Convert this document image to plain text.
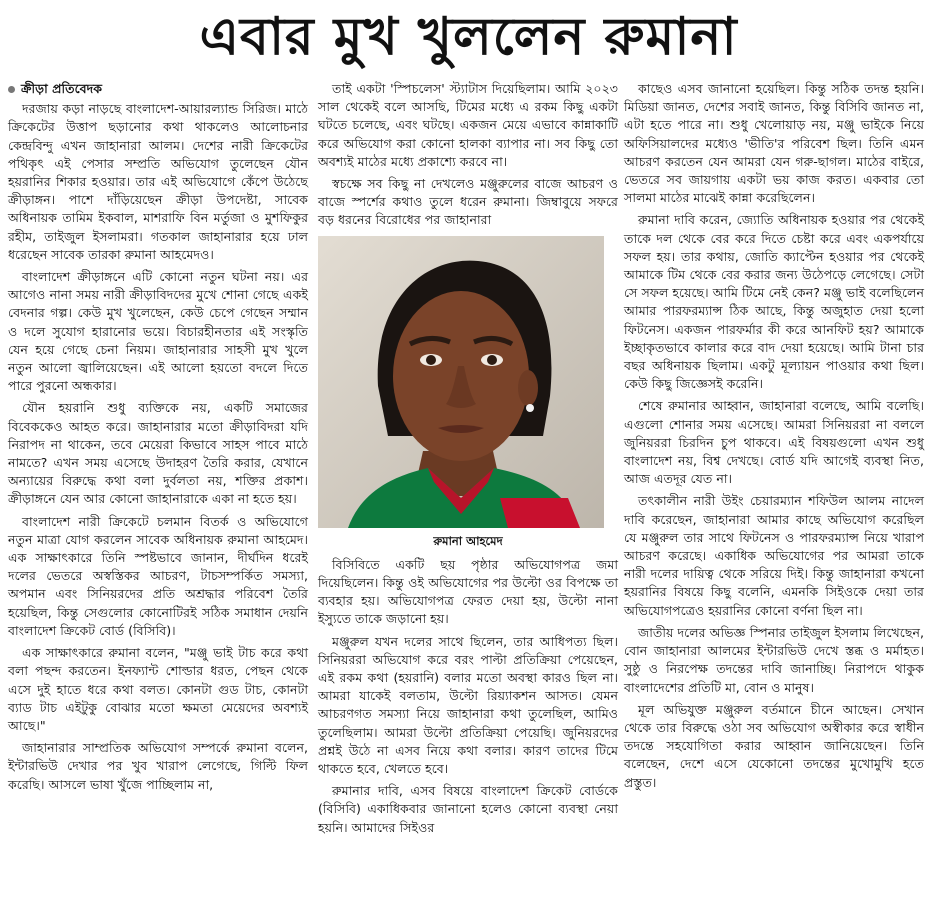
এবার মুখ খুললেন রুমানা
ক্রীড়া প্রতিবেদক

দরজায় কড়া নাড়ছে বাংলাদেশ-আয়ারল্যান্ড সিরিজ। মাঠে ক্রিকেটের উত্তাপ ছড়ানোর কথা থাকলেও আলোচনার কেন্দ্রবিন্দু এখন জাহানারা আলম। দেশের নারী ক্রিকেটের পথিকৃৎ এই পেসার সম্প্রতি অভিযোগ তুলেছেন যৌন হয়রানির শিকার হওয়ার। তার এই অভিযোগে কেঁপে উঠেছে ক্রীড়াঙ্গন। পাশে দাঁড়িয়েছেন ক্রীড়া উপদেষ্টা, সাবেক অধিনায়ক তামিম ইকবাল, মাশরাফি বিন মর্তুজা ও মুশফিকুর রহীম, তাইজুল ইসলামরা। গতকাল জাহানারার হয়ে ঢাল ধরেছেন সাবেক তারকা রুমানা আহমেদও।

বাংলাদেশ ক্রীড়াঙ্গনে এটি কোনো নতুন ঘটনা নয়। এর আগেও নানা সময় নারী ক্রীড়াবিদদের মুখে শোনা গেছে একই বেদনার গল্প। কেউ মুখ খুলেছেন, কেউ চেপে গেছেন সম্মান ও দলে সুযোগ হারানোর ভয়ে। বিচারহীনতার এই সংস্কৃতি যেন হয়ে গেছে চেনা নিয়ম। জাহানারার সাহসী মুখ খুলে নতুন আলো জ্বালিয়েছেন। এই আলো হয়তো বদলে দিতে পারে পুরনো অন্ধকার।

যৌন হয়রানি শুধু ব্যক্তিকে নয়, একটি সমাজের বিবেককেও আহত করে। জাহানারার মতো ক্রীড়াবিদরা যদি নিরাপদ না থাকেন, তবে মেয়েরা কিভাবে সাহস পাবে মাঠে নামতে? এখন সময় এসেছে উদাহরণ তৈরি করার, যেখানে অন্যায়ের বিরুদ্ধে কথা বলা দুর্বলতা নয়, শক্তির প্রকাশ। ক্রীড়াঙ্গনে যেন আর কোনো জাহানারাকে একা না হতে হয়।

বাংলাদেশ নারী ক্রিকেটে চলমান বিতর্ক ও অভিযোগে নতুন মাত্রা যোগ করলেন সাবেক অধিনায়ক রুমানা আহমেদ। এক সাক্ষাৎকারে তিনি স্পষ্টভাবে জানান, দীর্ঘদিন ধরেই দলের ভেতরে অস্বস্তিকর আচরণ, টাচসম্পর্কিত সমস্যা, অপমান এবং সিনিয়রদের প্রতি অশ্রদ্ধার পরিবেশ তৈরি হয়েছিল, কিন্তু সেগুলোর কোনোটিরই সঠিক সমাধান দেয়নি বাংলাদেশ ক্রিকেট বোর্ড (বিসিবি)।

এক সাক্ষাৎকারে রুমানা বলেন, "মঞ্জু ভাই টাচ করে কথা বলা পছন্দ করতেন। ইনফ্যান্ট শোল্ডার ধরত, পেছন থেকে এসে দুই হাতে ধরে কথা বলত। কোনটা গুড টাচ, কোনটা ব্যাড টাচ এইটুকু বোঝার মতো ক্ষমতা মেয়েদের অবশ্যই আছে।"

জাহানারার সাম্প্রতিক অভিযোগ সম্পর্কে রুমানা বলেন, ইন্টারভিউ দেখার পর খুব খারাপ লেগেছে, গিল্টি ফিল করেছি। আসলে ভাষা খুঁজে পাচ্ছিলাম না,

তাই একটা 'স্পিচলেস' স্ট্যাটাস দিয়েছিলাম। আমি ২০২৩ সাল থেকেই বলে আসছি, টিমের মধ্যে এ রকম কিছু একটা ঘটতে চলেছে, এবং ঘটছে। একজন মেয়ে এভাবে কান্নাকাটি করে অভিযোগ করা কোনো হালকা ব্যাপার না। সব কিছু তো অবশ্যই মাঠের মধ্যে প্রকাশ্যে করবে না।

স্বচক্ষে সব কিছু না দেখলেও মঞ্জুরুলের বাজে আচরণ ও বাজে স্পর্শের কথাও তুলে ধরেন রুমানা। জিম্বাবুয়ে সফরে বড় ধরনের বিরোধের পর জাহানারা

রুমানা আহমেদ

বিসিবিতে একটি ছয় পৃষ্ঠার অভিযোগপত্র জমা দিয়েছিলেন। কিন্তু ওই অভিযোগের পর উল্টো ওর বিপক্ষে তা ব্যবহার হয়। অভিযোগপত্র ফেরত দেয়া হয়, উল্টো নানা ইস্যুতে তাকে জড়ানো হয়।

মঞ্জুরুল যখন দলের সাথে ছিলেন, তার আধিপত্য ছিল। সিনিয়ররা অভিযোগ করে বরং পাল্টা প্রতিক্রিয়া পেয়েছেন, এই রকম কথা (হয়রানি) বলার মতো অবস্থা কারও ছিল না। আমরা যাকেই বলতাম, উল্টো রিয়্যাকশন আসত। যেমন আচরণগত সমস্যা নিয়ে জাহানারা কথা তুলেছিল, আমিও তুলেছিলাম। আমরা উল্টো প্রতিক্রিয়া পেয়েছি। জুনিয়রদের প্রশ্নই উঠে না এসব নিয়ে কথা বলার। কারণ তাদের টিমে থাকতে হবে, খেলতে হবে।

রুমানার দাবি, এসব বিষয়ে বাংলাদেশ ক্রিকেট বোর্ডকে (বিসিবি) একাধিকবার জানানো হলেও কোনো ব্যবস্থা নেয়া হয়নি। আমাদের সিইওর

কাছেও এসব জানানো হয়েছিল। কিন্তু সঠিক তদন্ত হয়নি। মিডিয়া জানত, দেশের সবাই জানত, কিন্তু বিসিবি জানত না, এটা হতে পারে না। শুধু খেলোয়াড় নয়, মঞ্জু ভাইকে নিয়ে অফিসিয়ালদের মধ্যেও 'ভীতি'র পরিবেশ ছিল। তিনি এমন আচরণ করতেন যেন আমরা যেন গরু-ছাগল। মাঠের বাইরে, ভেতরে সব জায়গায় একটা ভয় কাজ করত। একবার তো সালমা মাঠের মাঝেই কান্না করেছিলেন।

রুমানা দাবি করেন, জ্যোতি অধিনায়ক হওয়ার পর থেকেই তাকে দল থেকে বের করে দিতে চেষ্টা করে এবং একপর্যায়ে সফল হয়। তার কথায়, জোতি ক্যাপ্টেন হওয়ার পর থেকেই আমাকে টিম থেকে বের করার জন্য উঠেপড়ে লেগেছে। সেটা সে সফল হয়েছে। আমি টিমে নেই কেন? মঞ্জু ভাই বলেছিলেন আমার পারফরম্যান্স ঠিক আছে, কিন্তু অজুহাত দেয়া হলো ফিটনেস। একজন পারফর্মার কী করে আনফিট হয়? আমাকে ইচ্ছাকৃতভাবে কালার করে বাদ দেয়া হয়েছে। আমি টানা চার বছর অধিনায়ক ছিলাম। একটু মূল্যায়ন পাওয়ার কথা ছিল। কেউ কিছু জিজ্ঞেসই করেনি।

শেষে রুমানার আহ্বান, জাহানারা বলেছে, আমি বলেছি। এগুলো শোনার সময় এসেছে। আমরা সিনিয়ররা না বললে জুনিয়ররা চিরদিন চুপ থাকবে। এই বিষয়গুলো এখন শুধু বাংলাদেশ নয়, বিশ্ব দেখছে। বোর্ড যদি আগেই ব্যবস্থা নিত, আজ এতদূর যেত না।

তৎকালীন নারী উইং চেয়ারম্যান শফিউল আলম নাদেল দাবি করেছেন, জাহানারা আমার কাছে অভিযোগ করেছিল যে মঞ্জুরুল তার সাথে ফিটনেস ও পারফরম্যান্স নিয়ে খারাপ আচরণ করেছে। একাধিক অভিযোগের পর আমরা তাকে নারী দলের দায়িত্ব থেকে সরিয়ে দিই। কিন্তু জাহানারা কখনো হয়রানির বিষয়ে কিছু বলেনি, এমনকি সিইওকে দেয়া তার অভিযোগপত্রেও হয়রানির কোনো বর্ণনা ছিল না।

জাতীয় দলের অভিজ্ঞ স্পিনার তাইজুল ইসলাম লিখেছেন, বোন জাহানারা আলমের ইন্টারভিউ দেখে স্তব্ধ ও মর্মাহত। সুষ্ঠু ও নিরপেক্ষ তদন্তের দাবি জানাচ্ছি। নিরাপদে থাকুক বাংলাদেশের প্রতিটি মা, বোন ও মানুষ।

মূল অভিযুক্ত মঞ্জুরুল বর্তমানে চীনে আছেন। সেখান থেকে তার বিরুদ্ধে ওঠা সব অভিযোগ অস্বীকার করে স্বাধীন তদন্তে সহযোগিতা করার আহ্বান জানিয়েছেন। তিনি বলেছেন, দেশে এসে যেকোনো তদন্তের মুখোমুখি হতে প্রস্তুত।
